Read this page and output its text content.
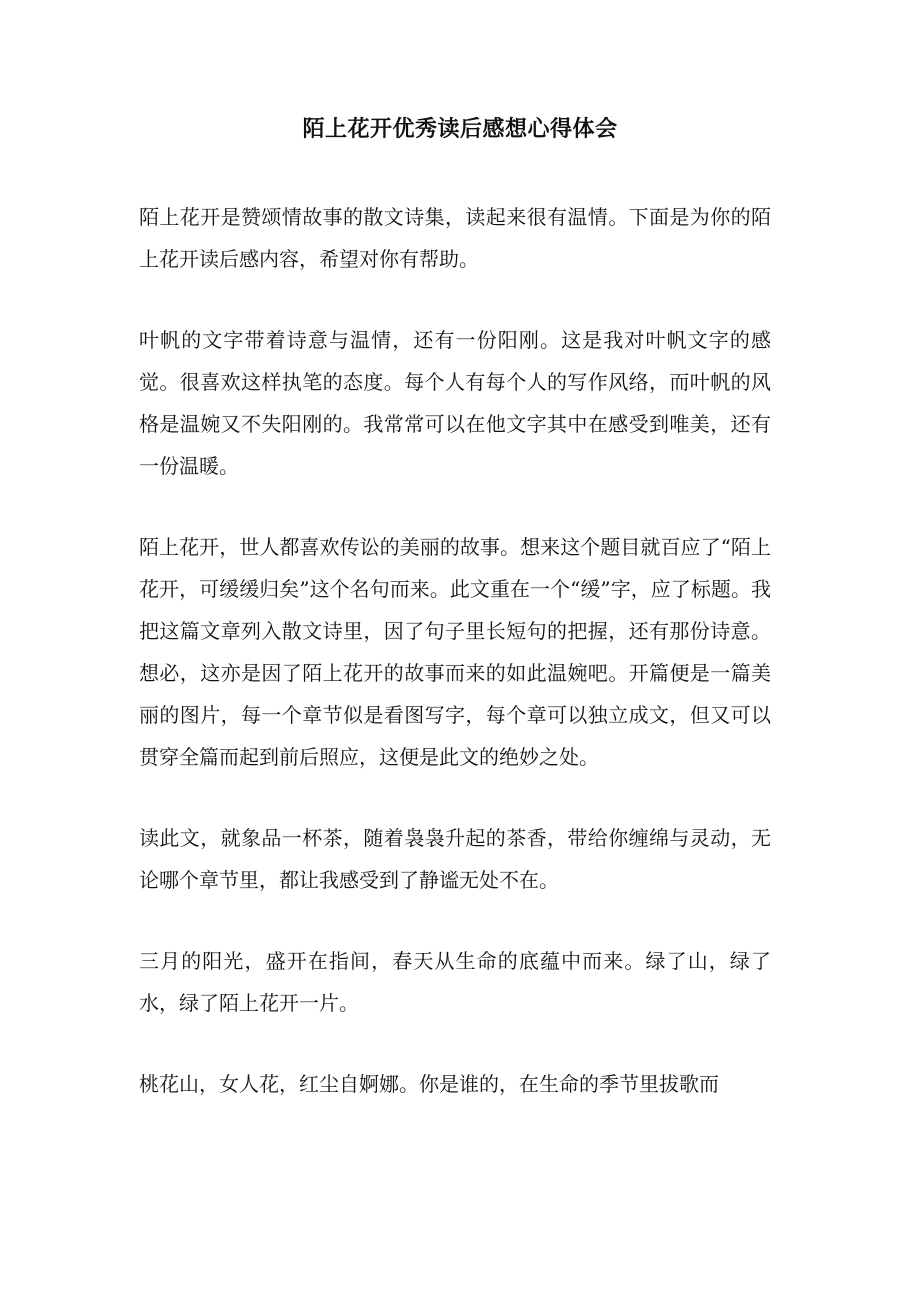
陌上花开优秀读后感想心得体会

陌上花开是赞颂情故事的散文诗集，读起来很有温情。下面是为你的陌上花开读后感内容，希望对你有帮助。

叶帆的文字带着诗意与温情，还有一份阳刚。这是我对叶帆文字的感觉。很喜欢这样执笔的态度。每个人有每个人的写作风络，而叶帆的风格是温婉又不失阳刚的。我常常可以在他文字其中在感受到唯美，还有一份温暖。

陌上花开，世人都喜欢传讼的美丽的故事。想来这个题目就百应了“陌上花开，可缓缓归矣”这个名句而来。此文重在一个“缓”字，应了标题。我把这篇文章列入散文诗里，因了句子里长短句的把握，还有那份诗意。想必，这亦是因了陌上花开的故事而来的如此温婉吧。开篇便是一篇美丽的图片，每一个章节似是看图写字，每个章可以独立成文，但又可以贯穿全篇而起到前后照应，这便是此文的绝妙之处。

读此文，就象品一杯茶，随着袅袅升起的茶香，带给你缠绵与灵动，无论哪个章节里，都让我感受到了静谧无处不在。

三月的阳光，盛开在指间，春天从生命的底蕴中而来。绿了山，绿了水，绿了陌上花开一片。

桃花山，女人花，红尘自婀娜。你是谁的，在生命的季节里拔歌而
